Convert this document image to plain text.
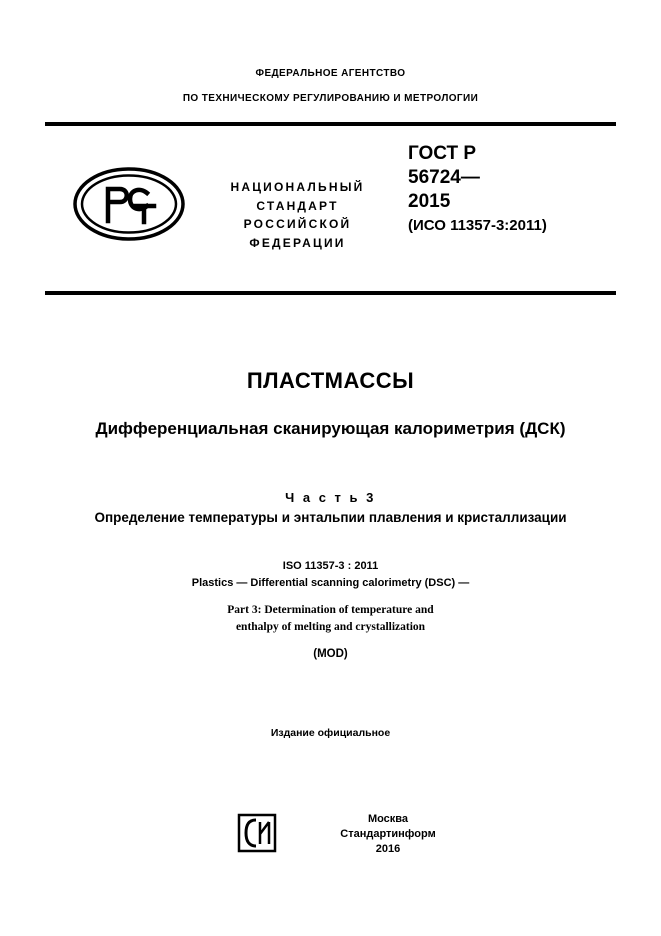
ФЕДЕРАЛЬНОЕ АГЕНТСТВО
ПО ТЕХНИЧЕСКОМУ РЕГУЛИРОВАНИЮ И МЕТРОЛОГИИ
НАЦИОНАЛЬНЫЙ
СТАНДАРТ
РОССИЙСКОЙ
ФЕДЕРАЦИИ
ГОСТ Р
56724—
2015
(ИСО 11357-3:2011)
ПЛАСТМАССЫ
Дифференциальная сканирующая калориметрия (ДСК)
Ч а с т ь 3
Определение температуры и энтальпии плавления и кристаллизации
ISO 11357-3 : 2011
Plastics — Differential scanning calorimetry (DSC) —
Part 3: Determination of temperature and
enthalpy of melting and crystallization
(MOD)
Издание официальное
Москва
Стандартинформ
2016
